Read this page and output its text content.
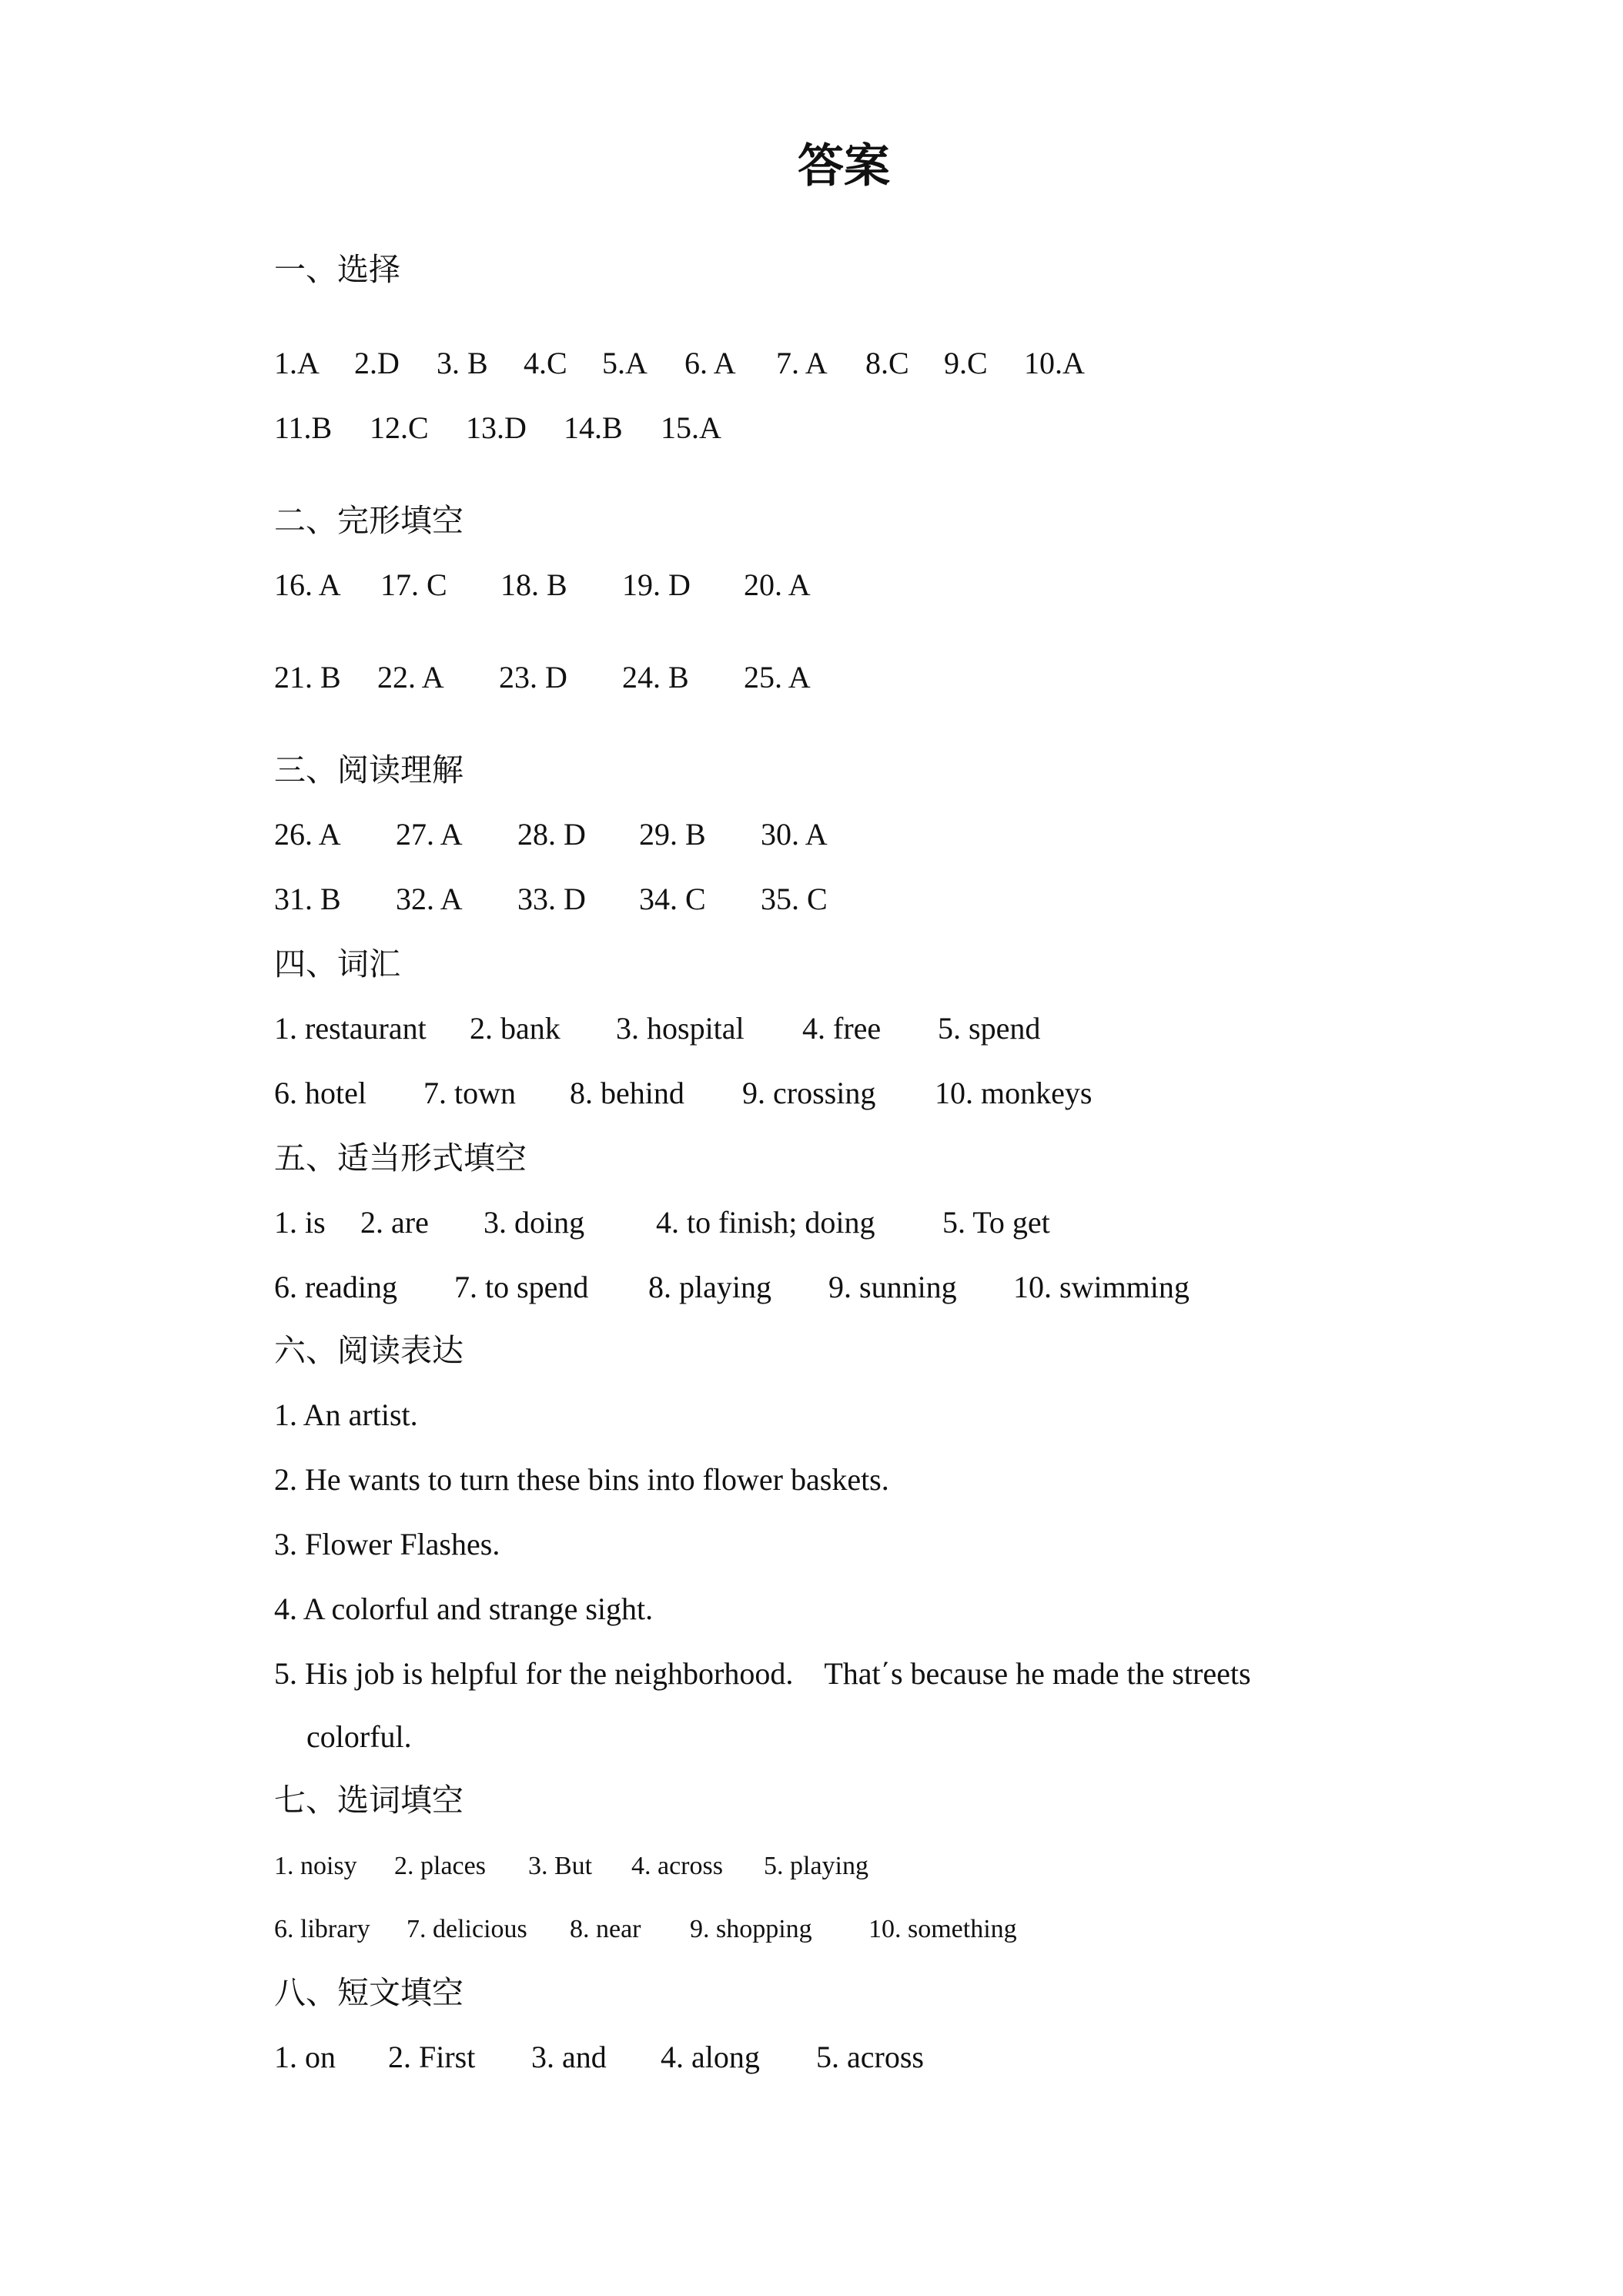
答案
一、选择
1.A 2.D 3. B 4.C 5.A 6. A 7. A 8.C 9.C 10.A
11.B 12.C 13.D 14.B 15.A
二、完形填空
16. A 17. C 18. B 19. D 20. A
21. B 22. A 23. D 24. B 25. A
三、阅读理解
26. A 27. A 28. D 29. B 30. A
31. B 32. A 33. D 34. C 35. C
四、词汇
1. restaurant 2. bank 3. hospital 4. free 5. spend
6. hotel 7. town 8. behind 9. crossing 10. monkeys
五、适当形式填空
1. is 2. are 3. doing 4. to finish; doing 5. To get
6. reading 7. to spend 8. playing 9. sunning 10. swimming
六、阅读表达
1. An artist.
2. He wants to turn these bins into flower baskets.
3. Flower Flashes.
4. A colorful and strange sight.
5. His job is helpful for the neighborhood.　That΄s because he made the streets
colorful.
七、选词填空
1. noisy 2. places 3. But 4. across 5. playing
6. library 7. delicious 8. near 9. shopping 10. something
八、短文填空
1. on 2. First 3. and 4. along 5. across
